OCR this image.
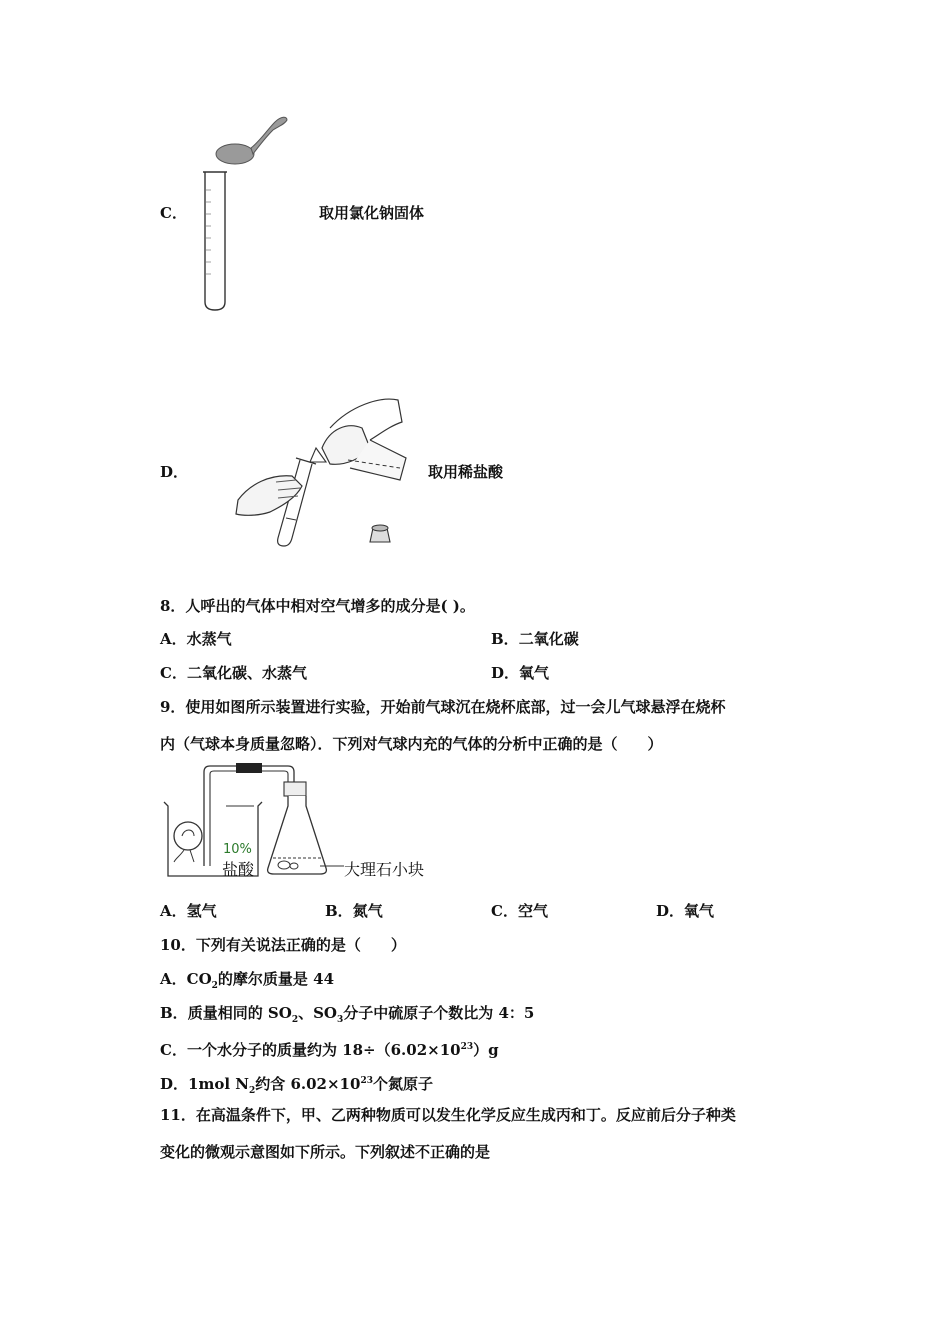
C．	取用氯化钠固体
D．	取用稀盐酸
8．人呼出的气体中相对空气增多的成分是( )。
A．水蒸气	B．二氧化碳
C．二氧化碳、水蒸气	D．氧气
9．使用如图所示装置进行实验，开始前气球沉在烧杯底部，过一会儿气球悬浮在烧杯
内（气球本身质量忽略）．下列对气球内充的气体的分析中正确的是（　　）
10%
盐酸	大理石小块
A．氢气	B．氮气	C．空气	D．氧气
10．下列有关说法正确的是（　　）
A．$CO_2$的摩尔质量是 44
B．质量相同的 $SO_2$、$SO_3$分子中硫原子个数比为 4：5
C．一个水分子的质量约为 $18\div(6.02\times 10^{23})g$
D．1mol $N_2$约含 $6.02\times 10^{23}$个氮原子
11．在高温条件下，甲、乙两种物质可以发生化学反应生成丙和丁。反应前后分子种类
变化的微观示意图如下所示。下列叙述不正确的是
